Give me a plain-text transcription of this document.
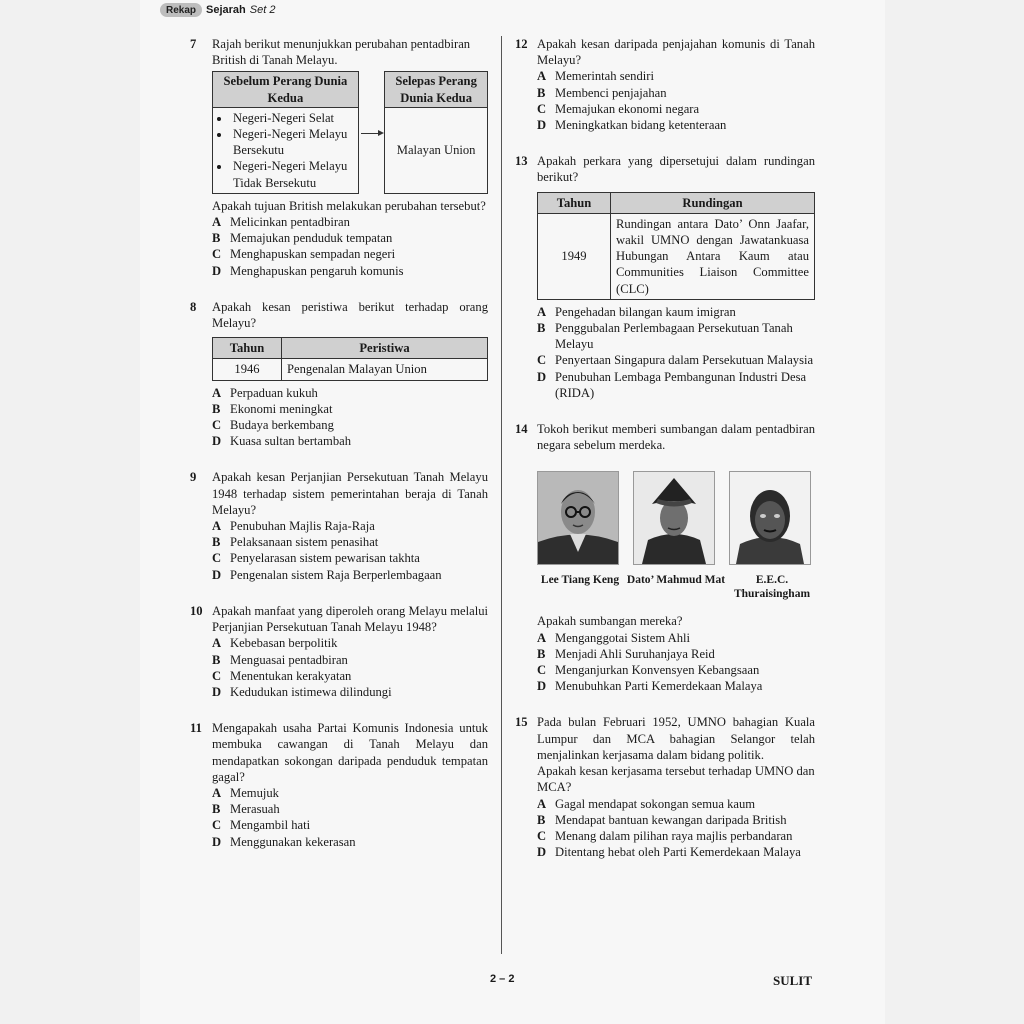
Rekap Sejarah Set 2
7 Rajah berikut menunjukkan perubahan pentadbiran British di Tanah Melayu.
Sebelum Perang Dunia Kedua
• Negeri-Negeri Selat
• Negeri-Negeri Melayu Bersekutu
• Negeri-Negeri Melayu Tidak Bersekutu
Selepas Perang Dunia Kedua
Malayan Union
Apakah tujuan British melakukan perubahan tersebut?
A Melicinkan pentadbiran
B Memajukan penduduk tempatan
C Menghapuskan sempadan negeri
D Menghapuskan pengaruh komunis
8 Apakah kesan peristiwa berikut terhadap orang Melayu?
Tahun	Peristiwa
1946	Pengenalan Malayan Union
A Perpaduan kukuh
B Ekonomi meningkat
C Budaya berkembang
D Kuasa sultan bertambah
9 Apakah kesan Perjanjian Persekutuan Tanah Melayu 1948 terhadap sistem pemerintahan beraja di Tanah Melayu?
A Penubuhan Majlis Raja-Raja
B Pelaksanaan sistem penasihat
C Penyelarasan sistem pewarisan takhta
D Pengenalan sistem Raja Berperlembagaan
10 Apakah manfaat yang diperoleh orang Melayu melalui Perjanjian Persekutuan Tanah Melayu 1948?
A Kebebasan berpolitik
B Menguasai pentadbiran
C Menentukan kerakyatan
D Kedudukan istimewa dilindungi
11 Mengapakah usaha Partai Komunis Indonesia untuk membuka cawangan di Tanah Melayu dan mendapatkan sokongan daripada penduduk tempatan gagal?
A Memujuk
B Merasuah
C Mengambil hati
D Menggunakan kekerasan
12 Apakah kesan daripada penjajahan komunis di Tanah Melayu?
A Memerintah sendiri
B Membenci penjajahan
C Memajukan ekonomi negara
D Meningkatkan bidang ketenteraan
13 Apakah perkara yang dipersetujui dalam rundingan berikut?
Tahun	Rundingan
1949	Rundingan antara Dato’ Onn Jaafar, wakil UMNO dengan Jawatankuasa Hubungan Antara Kaum atau Communities Liaison Committee (CLC)
A Pengehadan bilangan kaum imigran
B Penggubalan Perlembagaan Persekutuan Tanah Melayu
C Penyertaan Singapura dalam Persekutuan Malaysia
D Penubuhan Lembaga Pembangunan Industri Desa (RIDA)
14 Tokoh berikut memberi sumbangan dalam pentadbiran negara sebelum merdeka.
Lee Tiang Keng Dato’ Mahmud Mat	E.E.C. Thuraisingham
Apakah sumbangan mereka?
A Menganggotai Sistem Ahli
B Menjadi Ahli Suruhanjaya Reid
C Menganjurkan Konvensyen Kebangsaan
D Menubuhkan Parti Kemerdekaan Malaya
15 Pada bulan Februari 1952, UMNO bahagian Kuala Lumpur dan MCA bahagian Selangor telah menjalinkan kerjasama dalam bidang politik.
Apakah kesan kerjasama tersebut terhadap UMNO dan MCA?
A Gagal mendapat sokongan semua kaum
B Mendapat bantuan kewangan daripada British
C Menang dalam pilihan raya majlis perbandaran
D Ditentang hebat oleh Parti Kemerdekaan Malaya
2 – 2	SULIT
